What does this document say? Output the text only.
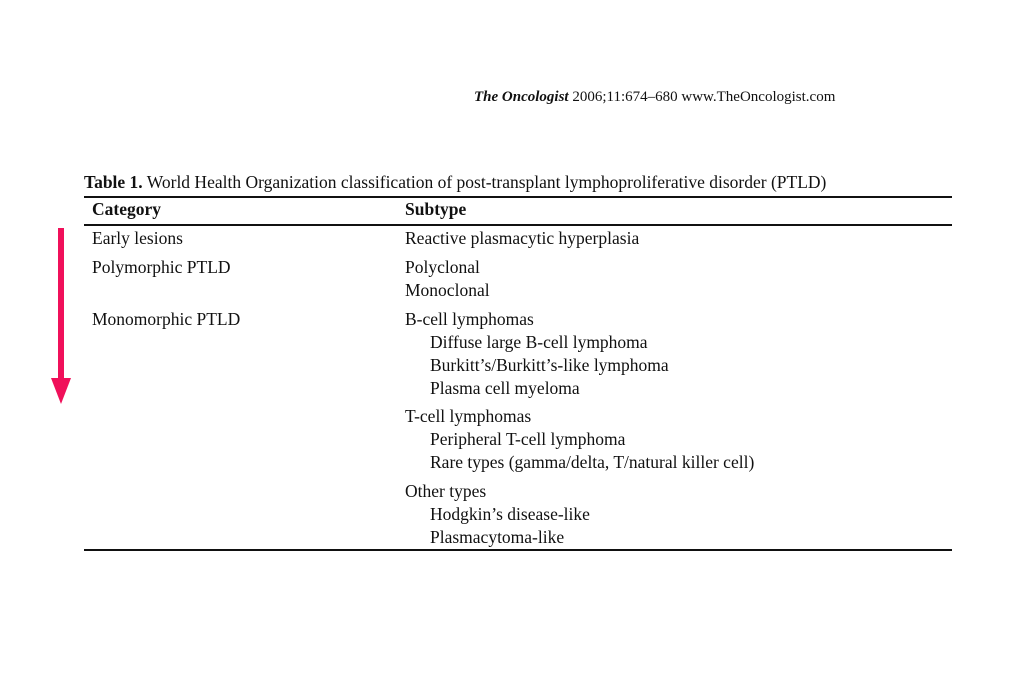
The Oncologist 2006;11:674–680 www.TheOncologist.com
Table 1. World Health Organization classification of post-transplant lymphoproliferative disorder (PTLD)
Category	Subtype
Early lesions	Reactive plasmacytic hyperplasia
Polymorphic PTLD	Polyclonal
Monoclonal
Monomorphic PTLD	B-cell lymphomas
Diffuse large B-cell lymphoma
Burkitt’s/Burkitt’s-like lymphoma
Plasma cell myeloma
T-cell lymphomas
Peripheral T-cell lymphoma
Rare types (gamma/delta, T/natural killer cell)
Other types
Hodgkin’s disease-like
Plasmacytoma-like
